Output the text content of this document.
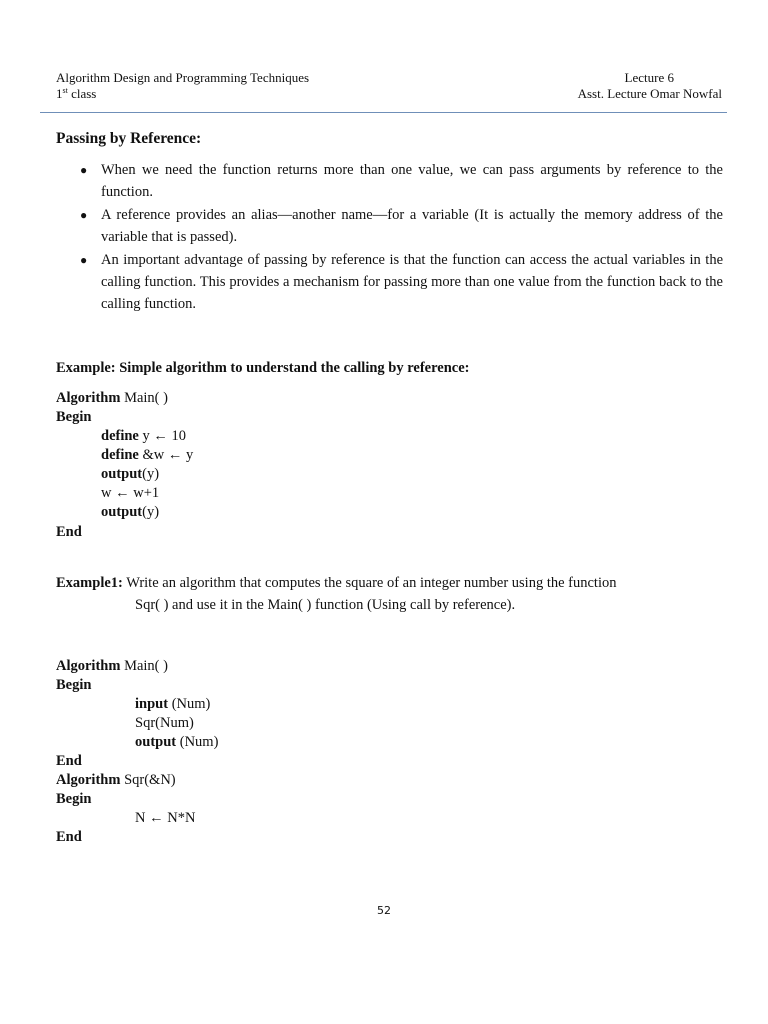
Algorithm Design and Programming Techniques
1st class
Lecture 6
Asst. Lecture Omar Nowfal
Passing by Reference:
● When we need the function returns more than one value, we can pass arguments by reference to the function.
● A reference provides an alias—another name—for a variable (It is actually the memory address of the variable that is passed).
● An important advantage of passing by reference is that the function can access the actual variables in the calling function. This provides a mechanism for passing more than one value from the function back to the calling function.
Example: Simple algorithm to understand the calling by reference:
Algorithm Main( )
Begin
define y ← 10
define &w ← y
output(y)
w ← w+1
output(y)
End
Example1: Write an algorithm that computes the square of an integer number using the function
Sqr( ) and use it in the Main( ) function (Using call by reference).
Algorithm Main( )
Begin
input (Num)
Sqr(Num)
output (Num)
End
Algorithm Sqr(&N)
Begin
N ← N*N
End
52
